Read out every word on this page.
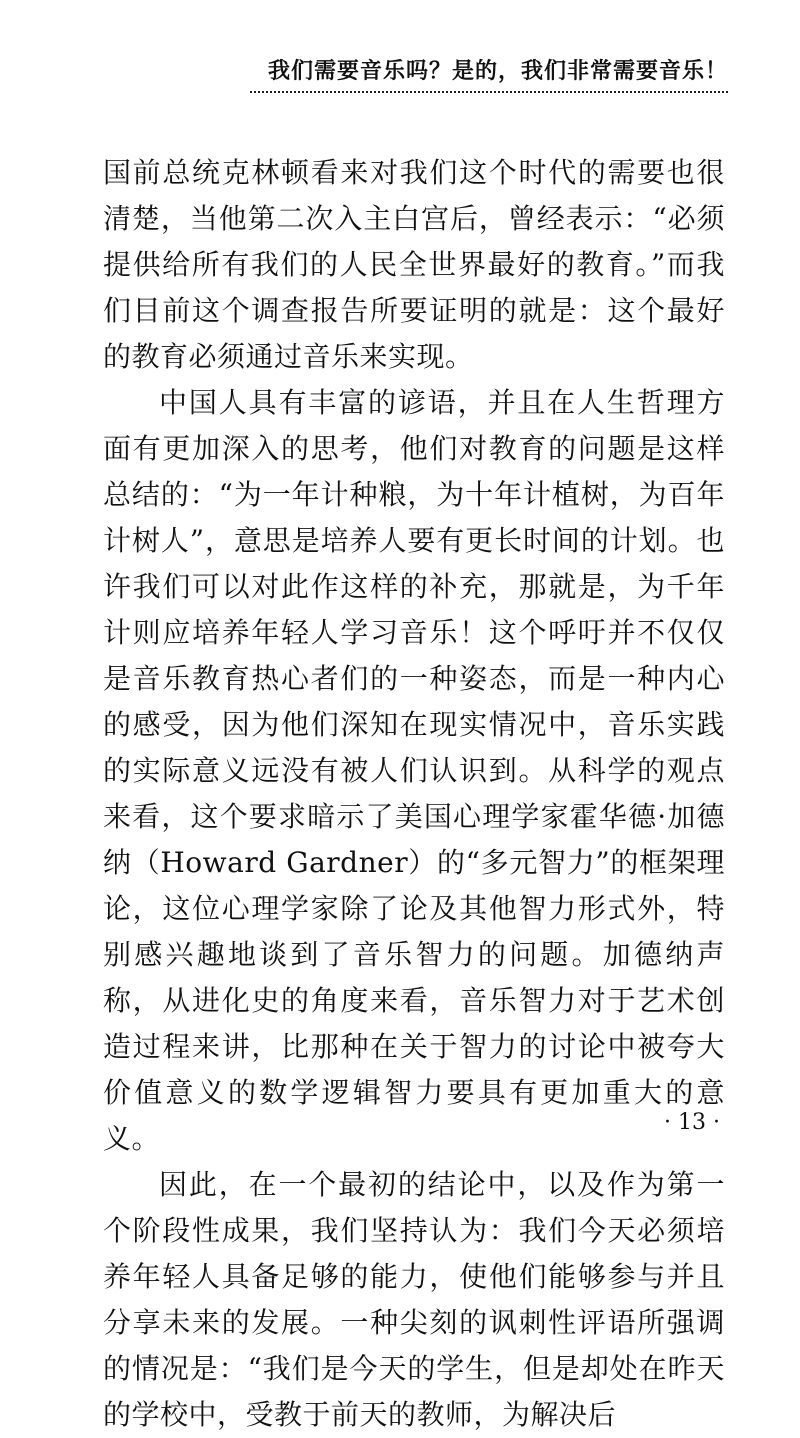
我们需要音乐吗？是的，我们非常需要音乐！

国前总统克林顿看来对我们这个时代的需要也很清楚，当他第二次入主白宫后，曾经表示：“必须提供给所有我们的人民全世界最好的教育。”而我们目前这个调查报告所要证明的就是：这个最好的教育必须通过音乐来实现。

中国人具有丰富的谚语，并且在人生哲理方面有更加深入的思考，他们对教育的问题是这样总结的：“为一年计种粮，为十年计植树，为百年计树人”，意思是培养人要有更长时间的计划。也许我们可以对此作这样的补充，那就是，为千年计则应培养年轻人学习音乐！这个呼吁并不仅仅是音乐教育热心者们的一种姿态，而是一种内心的感受，因为他们深知在现实情况中，音乐实践的实际意义远没有被人们认识到。从科学的观点来看，这个要求暗示了美国心理学家霍华德·加德纳（Howard Gardner）的“多元智力”的框架理论，这位心理学家除了论及其他智力形式外，特别感兴趣地谈到了音乐智力的问题。加德纳声称，从进化史的角度来看，音乐智力对于艺术创造过程来讲，比那种在关于智力的讨论中被夸大价值意义的数学逻辑智力要具有更加重大的意义。

因此，在一个最初的结论中，以及作为第一个阶段性成果，我们坚持认为：我们今天必须培养年轻人具备足够的能力，使他们能够参与并且分享未来的发展。一种尖刻的讽刺性评语所强调的情况是：“我们是今天的学生，但是却处在昨天的学校中，受教于前天的教师，为解决后

· 13 ·
